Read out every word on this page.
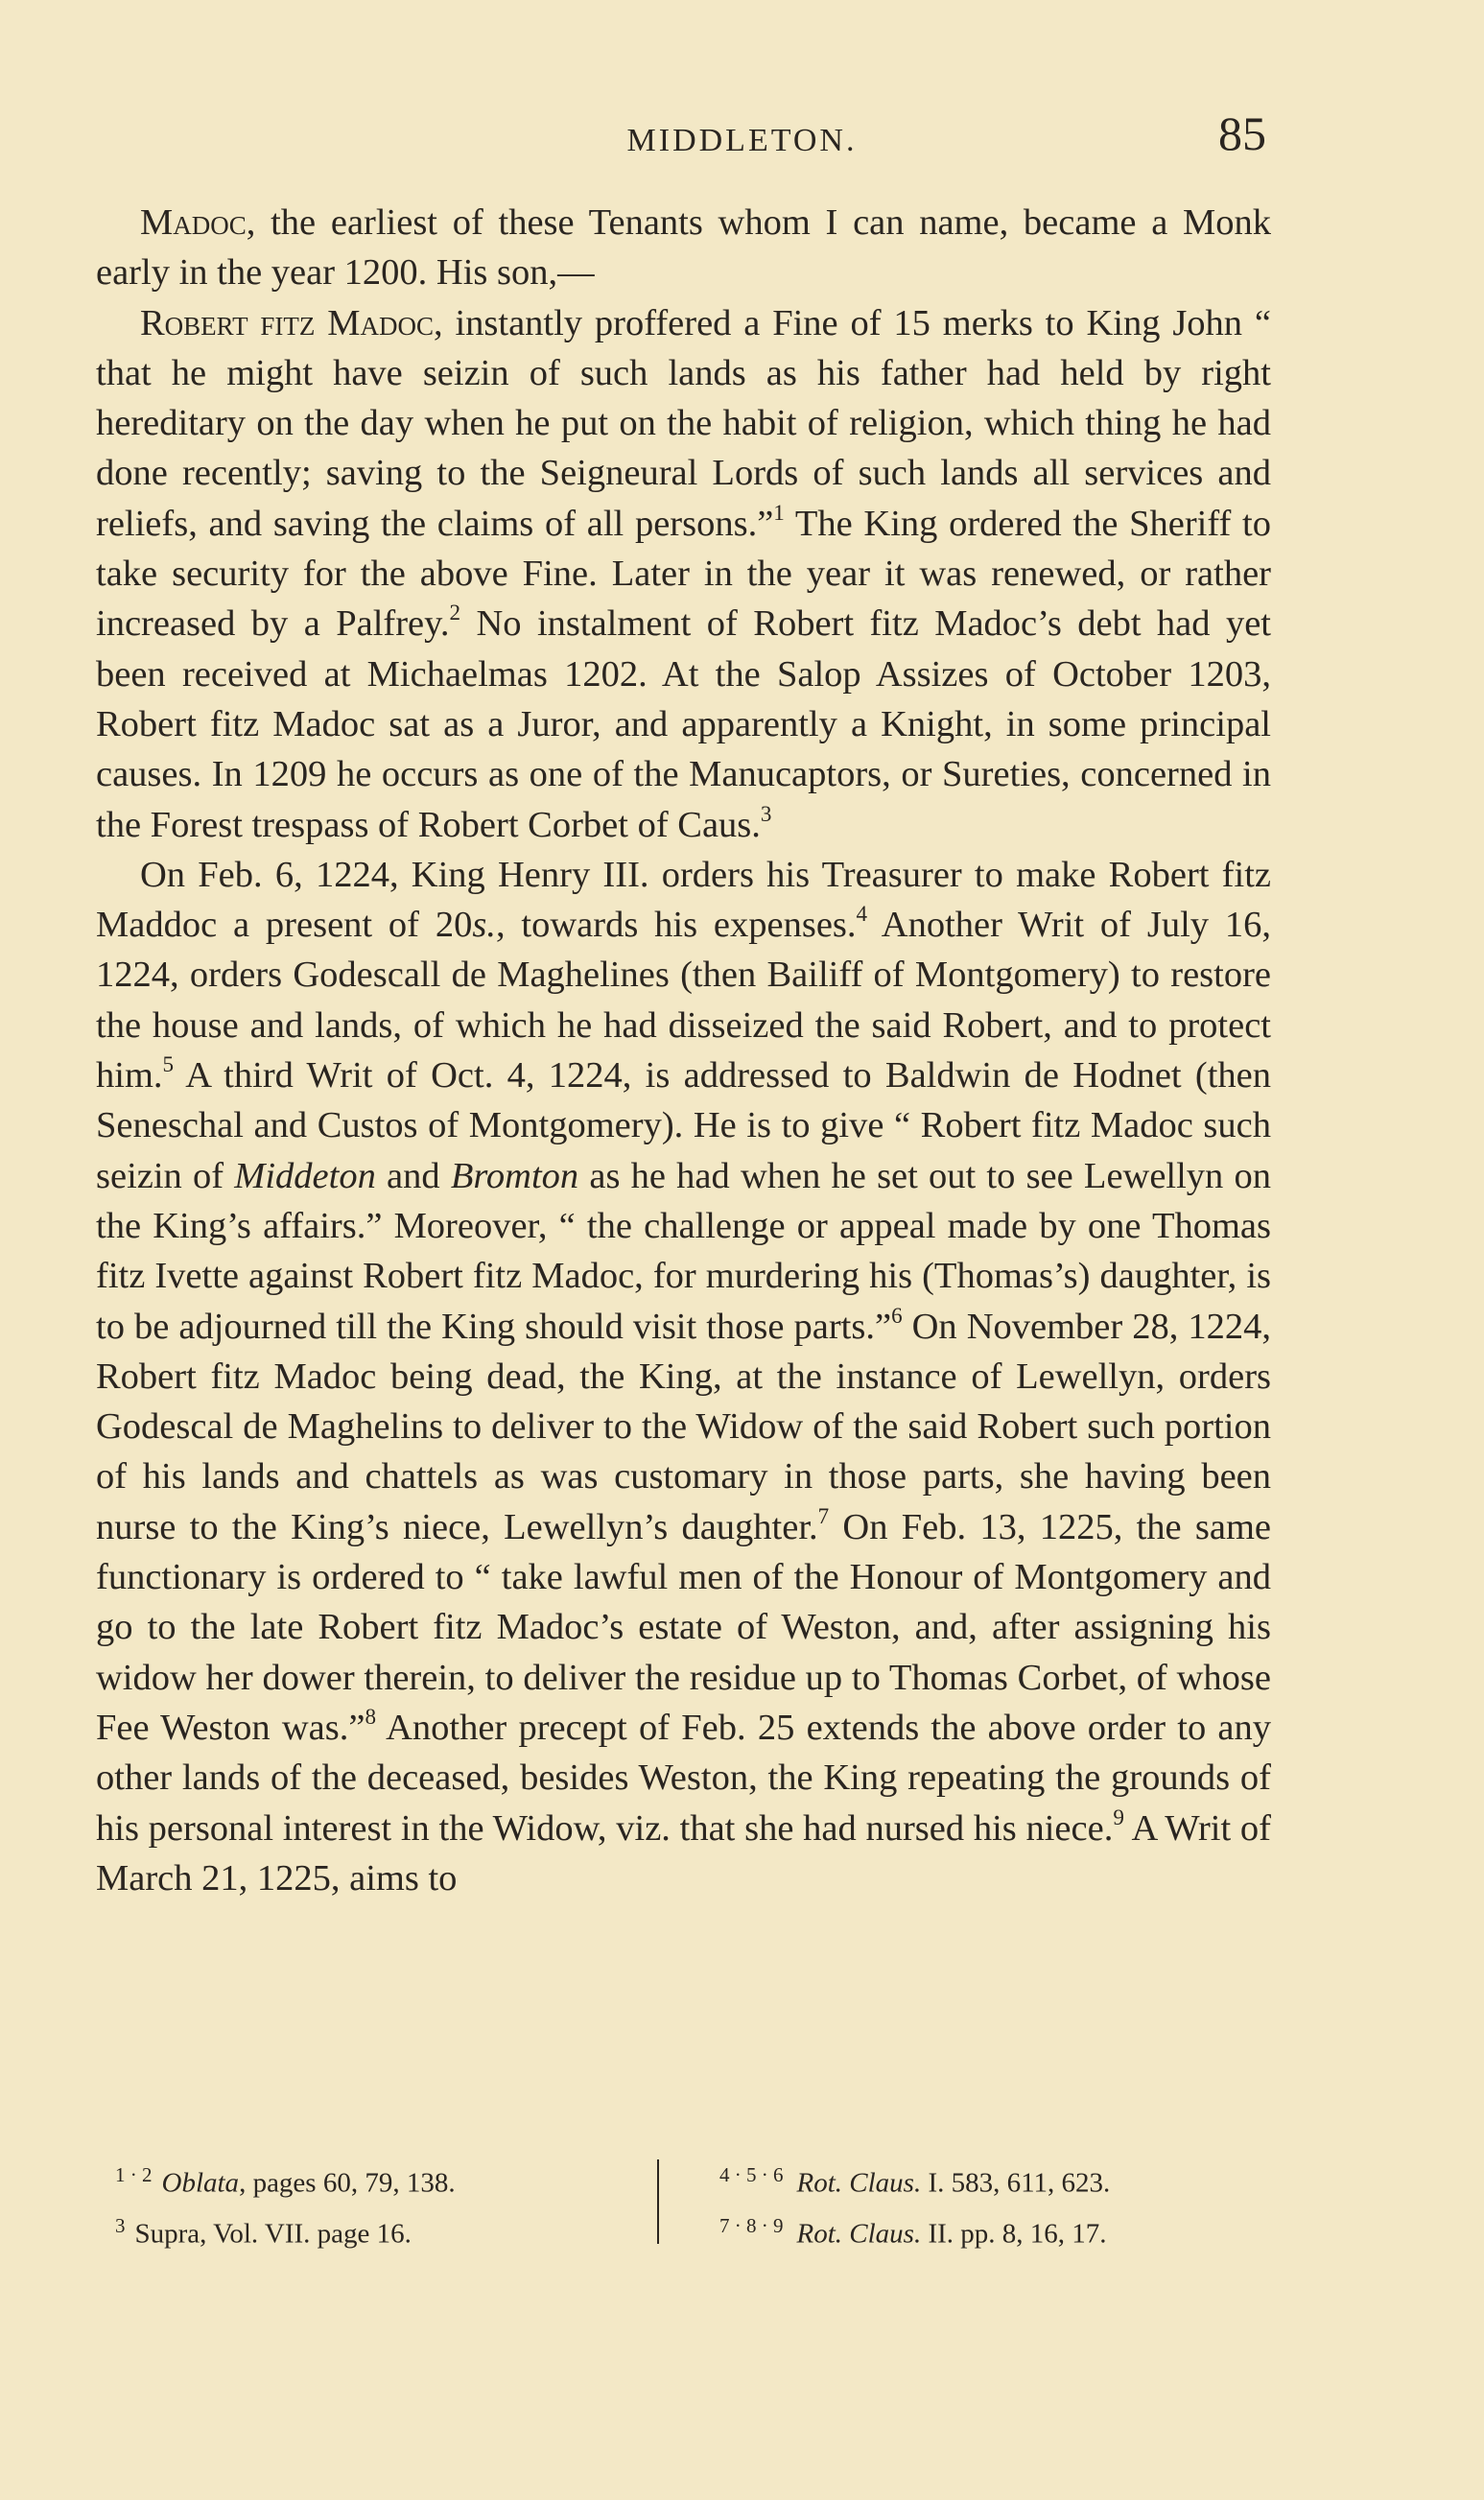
MIDDLETON.	85

Madoc, the earliest of these Tenants whom I can name, became a Monk early in the year 1200. His son,—

Robert fitz Madoc, instantly proffered a Fine of 15 merks to King John “ that he might have seizin of such lands as his father had held by right hereditary on the day when he put on the habit of religion, which thing he had done recently; saving to the Seigneural Lords of such lands all services and reliefs, and saving the claims of all persons.”$^1$ The King ordered the Sheriff to take security for the above Fine. Later in the year it was renewed, or rather increased by a Palfrey.$^2$ No instalment of Robert fitz Madoc’s debt had yet been received at Michaelmas 1202. At the Salop Assizes of October 1203, Robert fitz Madoc sat as a Juror, and apparently a Knight, in some principal causes. In 1209 he occurs as one of the Manucaptors, or Sureties, concerned in the Forest trespass of Robert Corbet of Caus.$^3$

On Feb. 6, 1224, King Henry III. orders his Treasurer to make Robert fitz Maddoc a present of 20s., towards his expenses.$^4$ Another Writ of July 16, 1224, orders Godescall de Maghelines (then Bailiff of Montgomery) to restore the house and lands, of which he had disseized the said Robert, and to protect him.$^5$ A third Writ of Oct. 4, 1224, is addressed to Baldwin de Hodnet (then Seneschal and Custos of Montgomery). He is to give “ Robert fitz Madoc such seizin of Middeton and Bromton as he had when he set out to see Lewellyn on the King’s affairs.” Moreover, “ the challenge or appeal made by one Thomas fitz Ivette against Robert fitz Madoc, for murdering his (Thomas’s) daughter, is to be adjourned till the King should visit those parts.”$^6$ On November 28, 1224, Robert fitz Madoc being dead, the King, at the instance of Lewellyn, orders Godescal de Maghelins to deliver to the Widow of the said Robert such portion of his lands and chattels as was customary in those parts, she having been nurse to the King’s niece, Lewellyn’s daughter.$^7$ On Feb. 13, 1225, the same functionary is ordered to “ take lawful men of the Honour of Montgomery and go to the late Robert fitz Madoc’s estate of Weston, and, after assigning his widow her dower therein, to deliver the residue up to Thomas Corbet, of whose Fee Weston was.”$^8$ Another precept of Feb. 25 extends the above order to any other lands of the deceased, besides Weston, the King repeating the grounds of his personal interest in the Widow, viz. that she had nursed his niece.$^9$ A Writ of March 21, 1225, aims to

$^{1 \cdot 2}$ Oblata, pages 60, 79, 138.
$^3$ Supra, Vol. VII. page 16.
$^{4 \cdot 5 \cdot 6}$ Rot. Claus. I. 583, 611, 623.
$^{7 \cdot 8 \cdot 9}$ Rot. Claus. II. pp. 8, 16, 17.
